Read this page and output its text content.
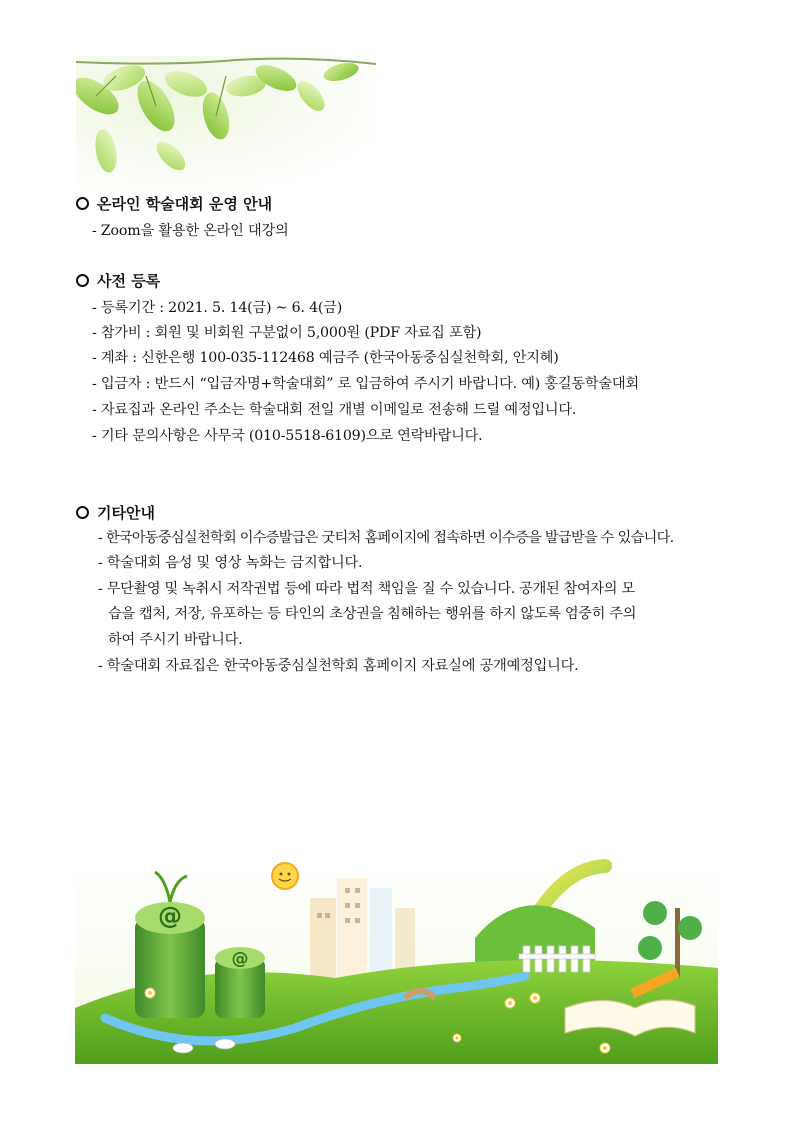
온라인 학술대회 운영 안내
- Zoom을 활용한 온라인 대강의
사전 등록
- 등록기간 : 2021. 5. 14(금) ~ 6. 4(금)
- 참가비 : 회원 및 비회원 구분없이 5,000원 (PDF 자료집 포함)
- 계좌 : 신한은행 100-035-112468 예금주 (한국아동중심실천학회, 안지혜)
- 입금자 : 반드시 “입금자명+학술대회” 로 입금하여 주시기 바랍니다. 예) 홍길동학술대회
- 자료집과 온라인 주소는 학술대회 전일 개별 이메일로 전송해 드릴 예정입니다.
- 기타 문의사항은 사무국 (010-5518-6109)으로 연락바랍니다.
기타안내
- 한국아동중심실천학회 이수증발급은 굿티처 홈페이지에 접속하면 이수증을 발급받을 수 있습니다.
- 학술대회 음성 및 영상 녹화는 금지합니다.
- 무단촬영 및 녹취시 저작권법 등에 따라 법적 책임을 질 수 있습니다. 공개된 참여자의 모
습을 캡처, 저장, 유포하는 등 타인의 초상권을 침해하는 행위를 하지 않도록 엄중히 주의
하여 주시기 바랍니다.
- 학술대회 자료집은 한국아동중심실천학회 홈페이지 자료실에 공개예정입니다.
@
@
